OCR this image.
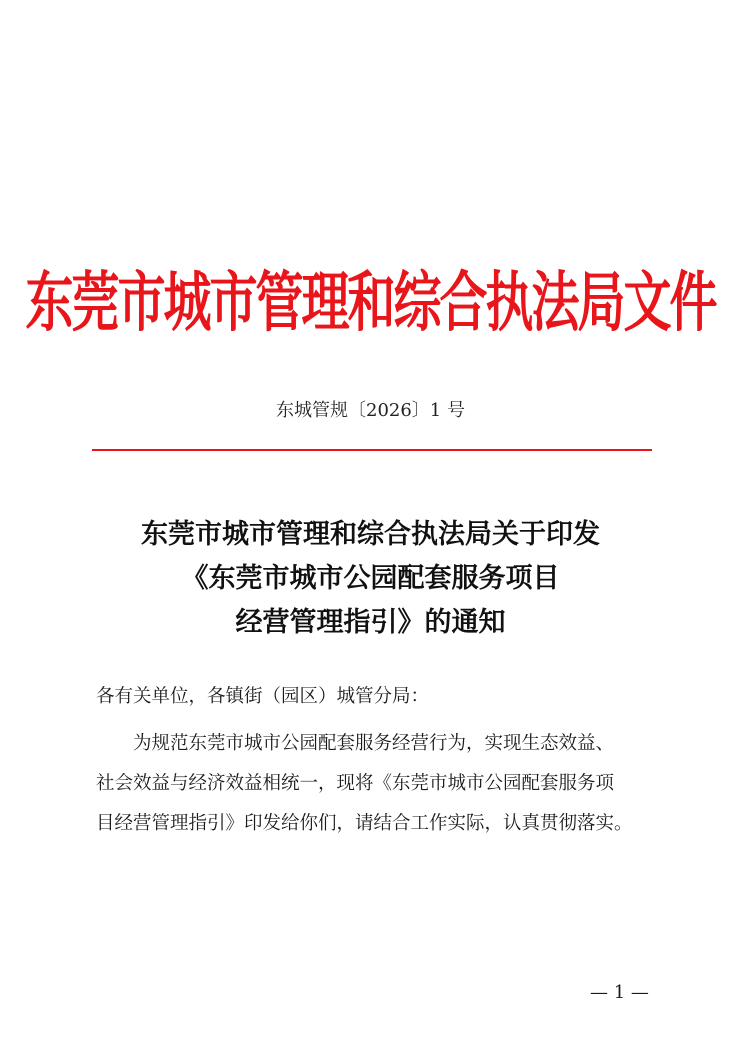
东莞市城市管理和综合执法局文件
东城管规〔2026〕1 号
东莞市城市管理和综合执法局关于印发
《东莞市城市公园配套服务项目
经营管理指引》的通知
各有关单位，各镇街（园区）城管分局：
为规范东莞市城市公园配套服务经营行为，实现生态效益、
社会效益与经济效益相统一，现将《东莞市城市公园配套服务项
目经营管理指引》印发给你们，请结合工作实际，认真贯彻落实。
— 1 —
